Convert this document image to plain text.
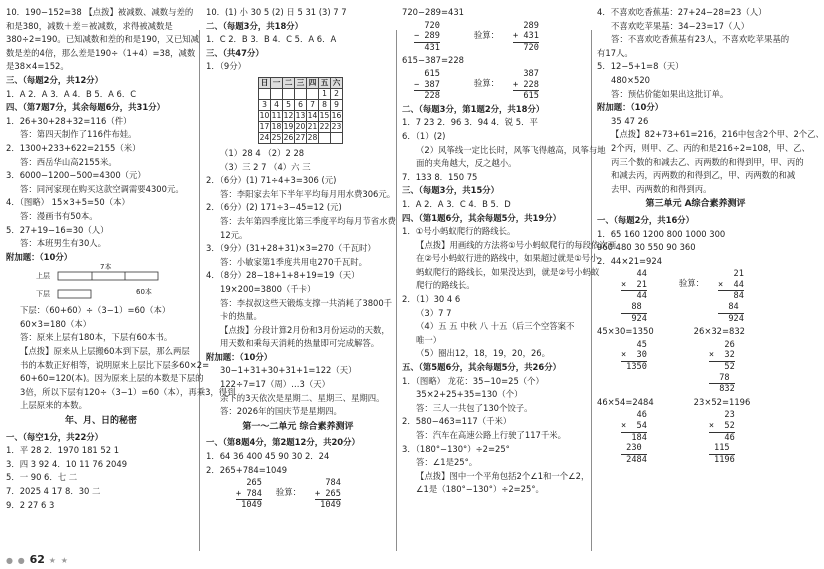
10．190−152=38 【点拨】被减数、减数与差的
和是380，减数＋差＝被减数，求得被减数是
380÷2=190。已知减数和差的和是190，又已知减
数是差的4倍，那么差是190÷（1+4）=38，减数
是38×4=152。
三、（每题2分，共12分）
1．A 2．A 3．A 4．B 5．A 6．C
四、（第7题7分，其余每题6分，共31分）
1．26+30+28+32=116（件）
答：第四天制作了116件布娃。
2．1300+233+622=2155（米）
答：西岳华山高2155米。
3．6000−1200−500=4300（元）
答：同河家现在购买这款空调需要4300元。
4．（图略） 15×3+5=50（本）
答：漫画书有50本。
5．27+19−16=30（人）
答：本班男生有30人。
附加题：（10分）
上层
下层
7本
60本
下层：（60+60）÷（3−1）=60（本）
60×3=180（本）
答：原来上层有180本，下层有60本书。
【点拨】原来从上层搬60本到下层，那么两层
书的本数正好相等，说明原来上层比下层多60×2=
60+60=120(本)。因为原来上层的本数是下层的
3倍，所以下层有120÷（3−1）=60（本），再乘3，得到
上层原来的本数。
年、月、日的秘密
一、（每空1分，共22分）
1．平 28 2．1970 181 52 1
3．四 3 92 4．10 11 76 2049
5．一 90 6．七 二
7．2025 4 17 8．30 二
9．2 27 6 3
10．(1) 小 30 5 (2) 日 5 31 (3) 7 7
二、（每题3分，共18分）
1．C 2．B 3．B 4．C 5．A 6．A
三、（共47分）
1．（9分）
日	一	二	三	四	五	六
					1	2
3	4	5	6	7	8	9
10	11	12	13	14	15	16
17	18	19	20	21	22	23
24	25	26	27	28		
（1）28 4 （2）2 28
（3）三 2 7 （4）六 三
2．（6分）(1) 71÷4+3=306 (元)
答：李阳家去年下半年平均每月用水费306元。
2．（6分）(2) 171÷3−45=12 (元)
答：去年第四季度比第三季度平均每月节省水费
12元。
3．（9分）(31+28+31)×3=270（千瓦时）
答：小敏家第1季度共用电270千瓦时。
4．（8分）28−18+1+8+19=19（天）
19×200=3800（千卡）
答：李叔叔这些天锻炼支撑一共消耗了3800千
卡的热量。
【点拨】分段计算2月份和3月份运动的天数，
用天数和乘每天消耗的热量即可完成解答。
附加题：（10分）
30−1+31+30+31+1=122（天）
122÷7=17（周）…3（天）
余下的3天依次是星期二、星期三、星期四。
答：2026年的国庆节是星期四。
第一～二单元 综合素养测评
一、（第8题4分，第2题12分，共20分）
1．64 36 400 45 90 30 2．24
2．265+784=1049
265
+ 784
1049
验算：
784
+ 265
1049
720−289=431
720
− 289
431
验算：
289
+ 431
720
615−387=228
615
− 387
228
验算：
387
+ 228
615
二、（每题3分，第1题2分，共18分）
1．7 23 2．96 3．94 4．锐 5．平
6．（1）(2)
（2）风筝线一定比长时，风筝飞得越高，风筝与地
面的夹角越大，反之越小。
7．133 8．150 75
三、（每题3分，共15分）
1．A 2．A 3．C 4．B 5．D
四、（第1题6分，其余每题5分，共19分）
1．①号小蚂蚁爬行的路线长。
【点拨】用画线的方法将①号小蚂蚁爬行的每段依次画
在②号小蚂蚁行进的路线中，如果超过就是①号小
蚂蚁爬行的路线长，如果没达到，就是②号小蚂蚁
爬行的路线长。
2．（1）30 4 6
（3）7 7
（4）五 五 中秋 八 十五（后三个空答案不
唯一）
（5）圈出12，18，19，20，26。
五、（第5题6分，其余每题5分，共26分）
1．（图略） 龙花：35−10=25（个）
35×2+25+35=130（个）
答：三人一共包了130个饺子。
2．580−463=117（千米）
答：汽车在高速公路上行驶了117千米。
3．（180°−130°）÷2=25°
答：∠1是25°。
【点拨】图中一个平角包括2个∠1和一个∠2，
∠1是（180°−130°）÷2=25°。
4．不喜欢吃香蕉基：27+24−28=23（人）
不喜欢吃苹果基：34−23=17（人）
答：不喜欢吃香蕉基有23人，不喜欢吃苹果基的
有17人。
5．12−5+1=8（天）
480×520
答：预估价能如果出这批订单。
附加题：（10分）
35 47 26
【点拨】82+73+61=216，216中包含2个甲、2个乙、
2个丙，则甲、乙、丙的和是216÷2=108，甲、乙、
丙三个数的和减去乙、丙两数的和得到甲，甲、丙的
和减去丙，丙两数的和得到乙，甲、丙两数的和减
去甲、丙两数的和得到丙。
第三单元 A综合素养测评
一、（每题2分，共16分）
1．65 160 1200 800 1000 300
960 480 30 550 90 360
2．44×21=924
44
×  21
44
88
924
验算：
21
×  44
84
84
924
45×30=1350	26×32=832
45
×  30
1350
26
×  32
52
78
832
46×54=2484	23×52=1196
46
×  54
184
230
2484
23
×  52
46
115
1196
● ● 62 ★ ★
